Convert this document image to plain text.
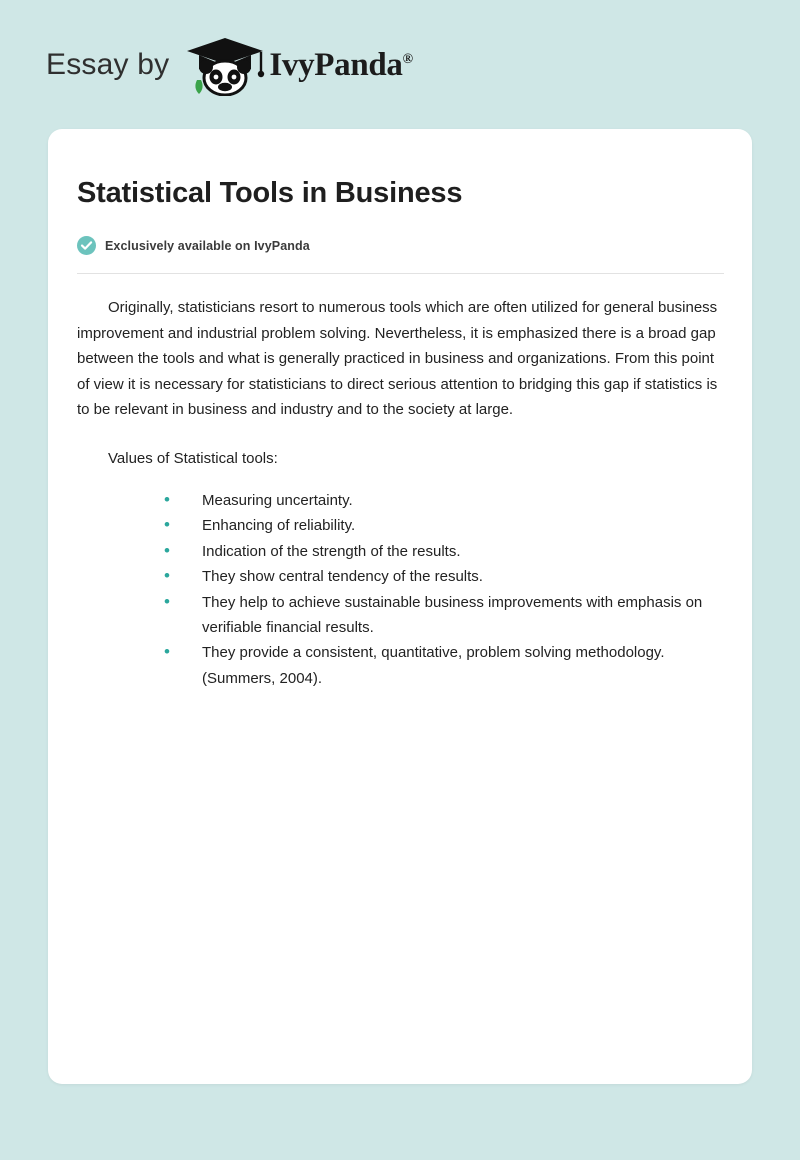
Essay by	IvyPanda®
Statistical Tools in Business
Exclusively available on IvyPanda

Originally, statisticians resort to numerous tools which are often utilized for general business improvement and industrial problem solving. Nevertheless, it is emphasized there is a broad gap between the tools and what is generally practiced in business and organizations. From this point of view it is necessary for statisticians to direct serious attention to bridging this gap if statistics is to be relevant in business and industry and to the society at large.

Values of Statistical tools:

• Measuring uncertainty.
• Enhancing of reliability.
• Indication of the strength of the results.
• They show central tendency of the results.
• They help to achieve sustainable business improvements with emphasis on verifiable financial results.
• They provide a consistent, quantitative, problem solving methodology. (Summers, 2004).
